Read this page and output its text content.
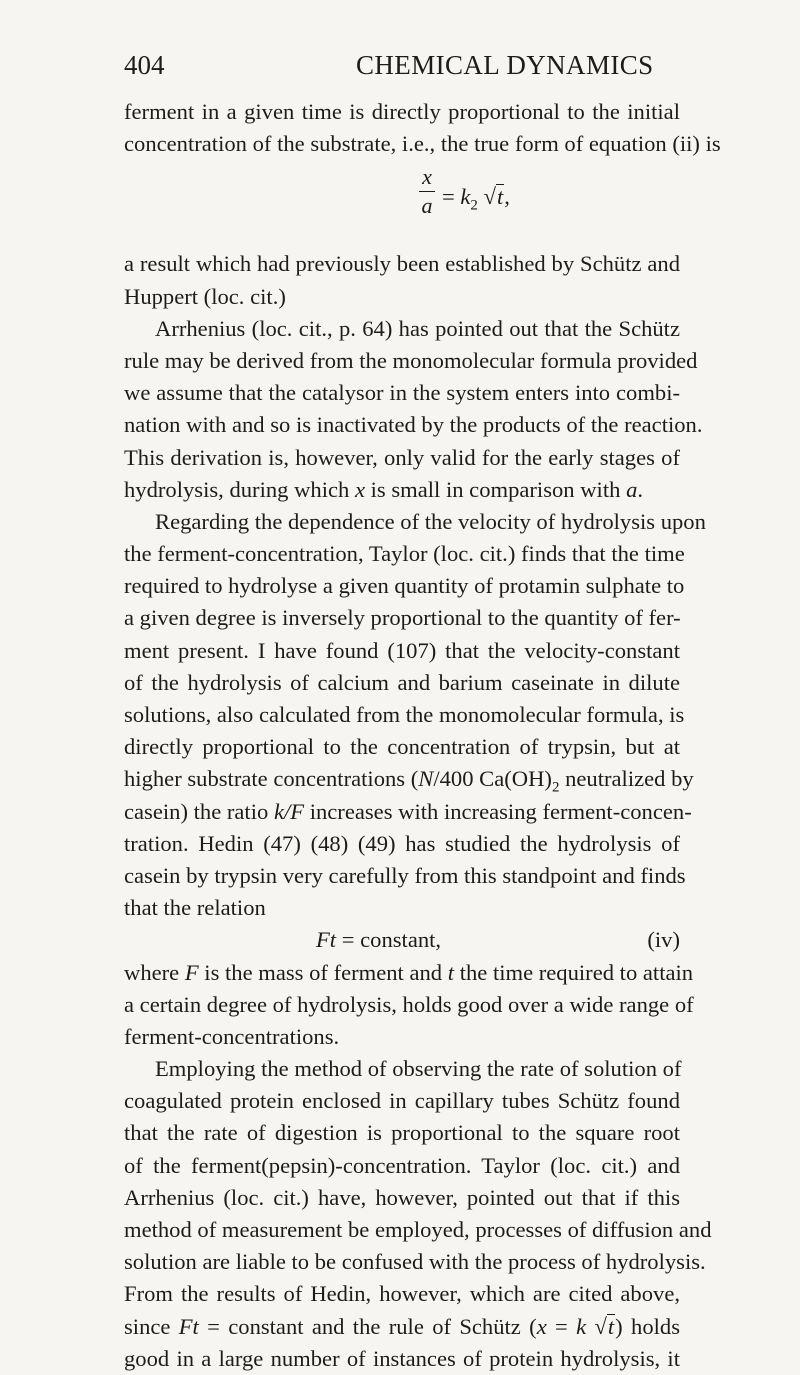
404	CHEMICAL DYNAMICS
ferment in a given time is directly proportional to the initial
concentration of the substrate, i.e., the true form of equation (ii) is
x
$a = k_2$ √t,
a result which had previously been established by Schütz and
Huppert (loc. cit.)
Arrhenius (loc. cit., p. 64) has pointed out that the Schütz
rule may be derived from the monomolecular formula provided
we assume that the catalysor in the system enters into combi-
nation with and so is inactivated by the products of the reaction.
This derivation is, however, only valid for the early stages of
hydrolysis, during which x is small in comparison with a.
Regarding the dependence of the velocity of hydrolysis upon
the ferment-concentration, Taylor (loc. cit.) finds that the time
required to hydrolyse a given quantity of protamin sulphate to
a given degree is inversely proportional to the quantity of fer-
ment present. I have found (107) that the velocity-constant
of the hydrolysis of calcium and barium caseinate in dilute
solutions, also calculated from the monomolecular formula, is
directly proportional to the concentration of trypsin, but at
higher substrate concentrations (N/400 $Ca(OH)_2$ neutralized by
casein) the ratio k/F increases with increasing ferment-concen-
tration. Hedin (47) (48) (49) has studied the hydrolysis of
casein by trypsin very carefully from this standpoint and finds
that the relation
Ft = constant,	(iv)
where F is the mass of ferment and t the time required to attain
a certain degree of hydrolysis, holds good over a wide range of
ferment-concentrations.
Employing the method of observing the rate of solution of
coagulated protein enclosed in capillary tubes Schütz found
that the rate of digestion is proportional to the square root
of the ferment(pepsin)-concentration. Taylor (loc. cit.) and
Arrhenius (loc. cit.) have, however, pointed out that if this
method of measurement be employed, processes of diffusion and
solution are liable to be confused with the process of hydrolysis.
From the results of Hedin, however, which are cited above,
since Ft = constant and the rule of Schütz (x = k √t) holds
good in a large number of instances of protein hydrolysis, it
